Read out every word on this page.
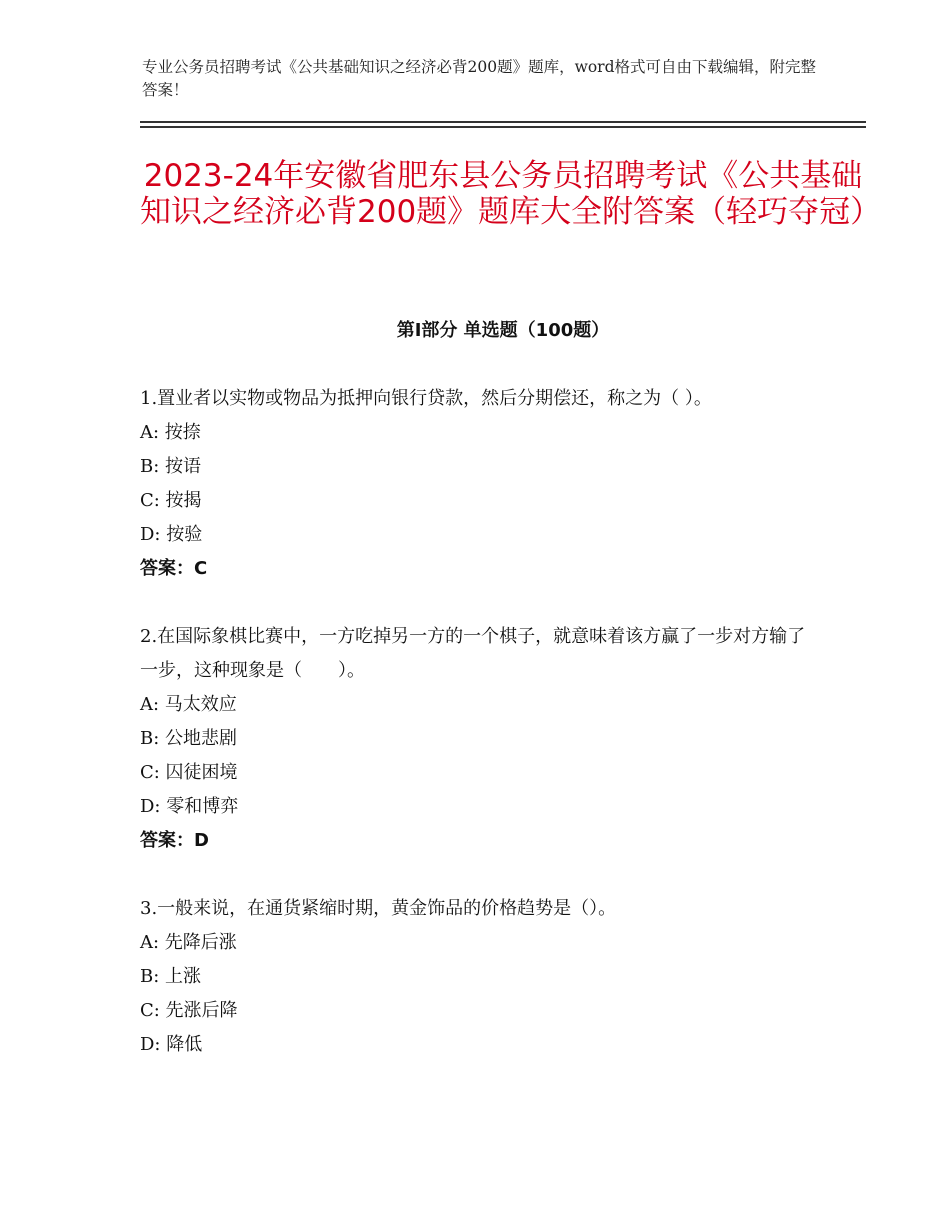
专业公务员招聘考试《公共基础知识之经济必背200题》题库，word格式可自由下载编辑，附完整答案！
2023-24年安徽省肥东县公务员招聘考试《公共基础知识之经济必背200题》题库大全附答案（轻巧夺冠）
第Ⅰ部分 单选题（100题）
1.置业者以实物或物品为抵押向银行贷款，然后分期偿还，称之为（ ）。
A: 按捺
B: 按语
C: 按揭
D: 按验
答案：C
2.在国际象棋比赛中，一方吃掉另一方的一个棋子，就意味着该方赢了一步对方输了一步，这种现象是（　　）。
A: 马太效应
B: 公地悲剧
C: 囚徒困境
D: 零和博弈
答案：D
3.一般来说，在通货紧缩时期，黄金饰品的价格趋势是（）。
A: 先降后涨
B: 上涨
C: 先涨后降
D: 降低
